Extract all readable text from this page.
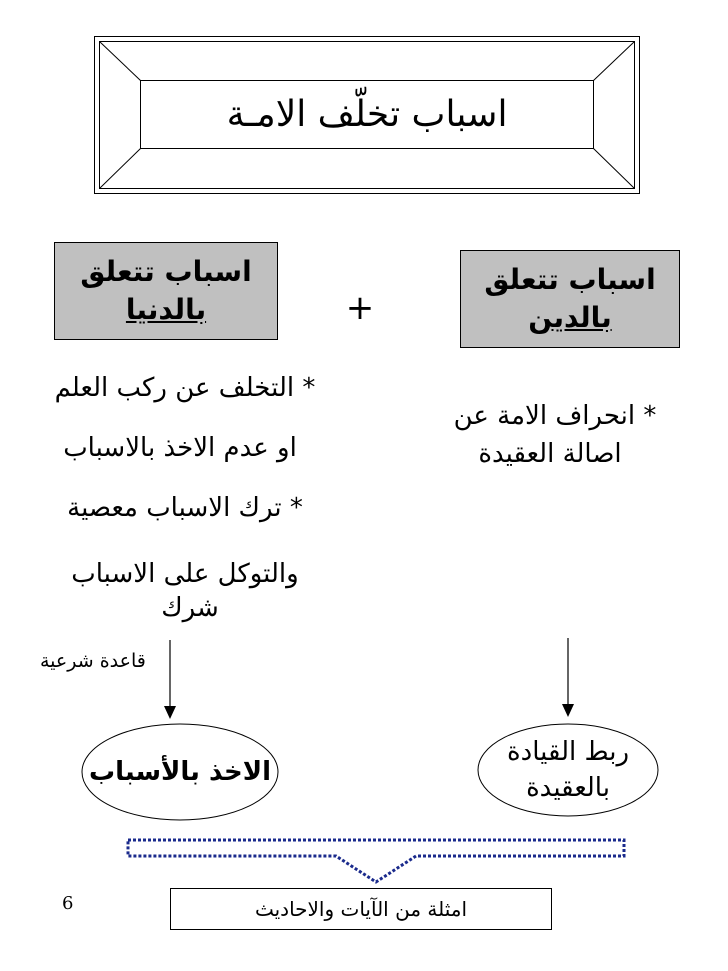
اسباب تخلّف الامـة
اسباب تتعلق
بالدنيا
اسباب تتعلق
بالدين
+
* التخلف عن ركب العلم
او عدم الاخذ بالاسباب
* ترك الاسباب معصية
والتوكل على الاسباب
شرك
* انحراف الامة عن
اصالة العقيدة
قاعدة شرعية
الاخذ بالأسباب
ربط القيادة
بالعقيدة
امثلة من الآيات والاحاديث
6
